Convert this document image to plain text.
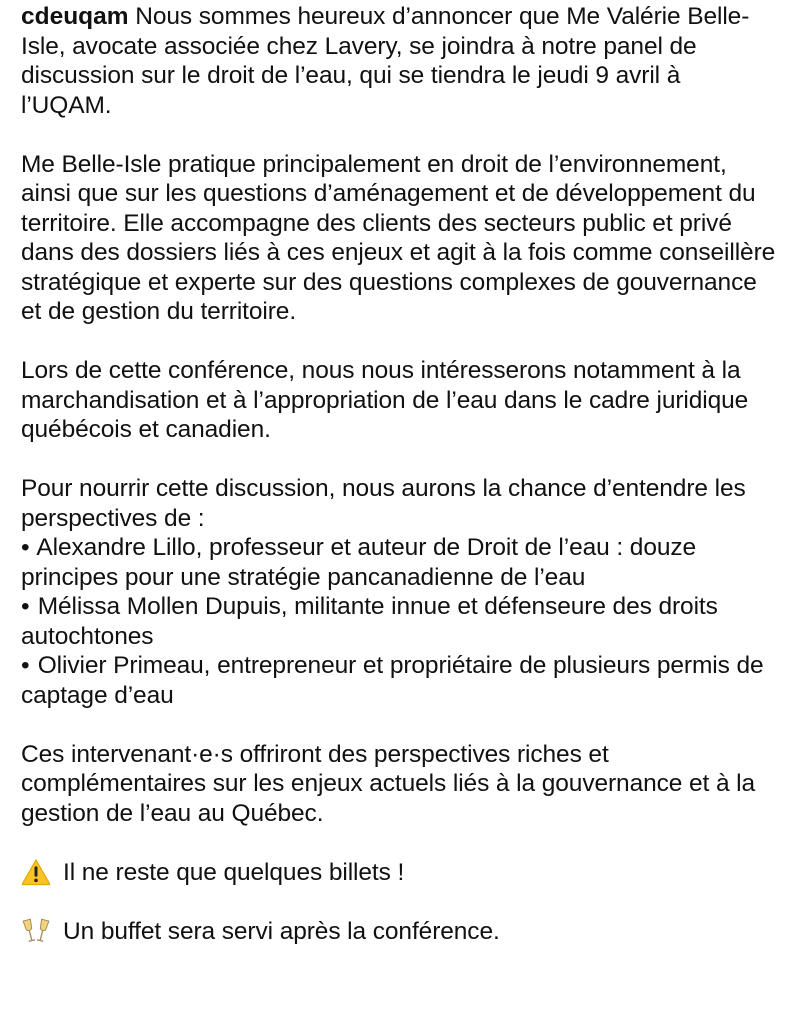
cdeuqam Nous sommes heureux d’annoncer que Me Valérie Belle-Isle, avocate associée chez Lavery, se joindra à notre panel de discussion sur le droit de l’eau, qui se tiendra le jeudi 9 avril à l’UQAM.

Me Belle-Isle pratique principalement en droit de l’environnement, ainsi que sur les questions d’aménagement et de développement du territoire. Elle accompagne des clients des secteurs public et privé dans des dossiers liés à ces enjeux et agit à la fois comme conseillère stratégique et experte sur des questions complexes de gouvernance et de gestion du territoire.

Lors de cette conférence, nous nous intéresserons notamment à la marchandisation et à l’appropriation de l’eau dans le cadre juridique québécois et canadien.

Pour nourrir cette discussion, nous aurons la chance d’entendre les perspectives de :
• Alexandre Lillo, professeur et auteur de Droit de l’eau : douze principes pour une stratégie pancanadienne de l’eau
• Mélissa Mollen Dupuis, militante innue et défenseure des droits autochtones
• Olivier Primeau, entrepreneur et propriétaire de plusieurs permis de captage d’eau

Ces intervenant·e·s offriront des perspectives riches et complémentaires sur les enjeux actuels liés à la gouvernance et à la gestion de l’eau au Québec.

Il ne reste que quelques billets !
Un buffet sera servi après la conférence.
